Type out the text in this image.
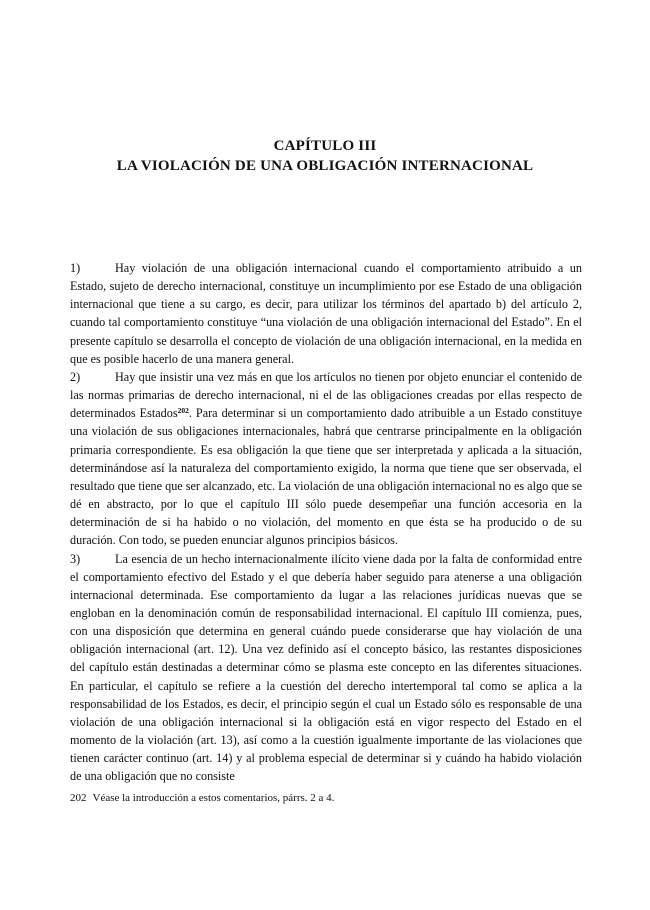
CAPÍTULO III
LA VIOLACIÓN DE UNA OBLIGACIÓN INTERNACIONAL

1)	Hay violación de una obligación internacional cuando el comportamiento atribuido a un Estado, sujeto de derecho internacional, constituye un incumplimiento por ese Estado de una obligación internacional que tiene a su cargo, es decir, para utilizar los términos del apartado b) del artículo 2, cuando tal comportamiento constituye “una violación de una obligación internacional del Estado”. En el presente capítulo se desarrolla el concepto de violación de una obligación internacional, en la medida en que es posible hacerlo de una manera general.

2)	Hay que insistir una vez más en que los artículos no tienen por objeto enunciar el contenido de las normas primarias de derecho internacional, ni el de las obligaciones creadas por ellas respecto de determinados Estados$^{202}$. Para determinar si un comportamiento dado atribuible a un Estado constituye una violación de sus obligaciones internacionales, habrá que centrarse principalmente en la obligación primaria correspondiente. Es esa obligación la que tiene que ser interpretada y aplicada a la situación, determinándose así la naturaleza del comportamiento exigido, la norma que tiene que ser observada, el resultado que tiene que ser alcanzado, etc. La violación de una obligación internacional no es algo que se dé en abstracto, por lo que el capítulo III sólo puede desempeñar una función accesoria en la determinación de si ha habido o no violación, del momento en que ésta se ha producido o de su duración. Con todo, se pueden enunciar algunos principios básicos.

3)	La esencia de un hecho internacionalmente ilícito viene dada por la falta de conformidad entre el comportamiento efectivo del Estado y el que debería haber seguido para atenerse a una obligación internacional determinada. Ese comportamiento da lugar a las relaciones jurídicas nuevas que se engloban en la denominación común de responsabilidad internacional. El capítulo III comienza, pues, con una disposición que determina en general cuándo puede considerarse que hay violación de una obligación internacional (art. 12). Una vez definido así el concepto básico, las restantes disposiciones del capítulo están destinadas a determinar cómo se plasma este concepto en las diferentes situaciones. En particular, el capítulo se refiere a la cuestión del derecho intertemporal tal como se aplica a la responsabilidad de los Estados, es decir, el principio según el cual un Estado sólo es responsable de una violación de una obligación internacional si la obligación está en vigor respecto del Estado en el momento de la violación (art. 13), así como a la cuestión igualmente importante de las violaciones que tienen carácter continuo (art. 14) y al problema especial de determinar si y cuándo ha habido violación de una obligación que no consiste

202 Véase la introducción a estos comentarios, párrs. 2 a 4.
